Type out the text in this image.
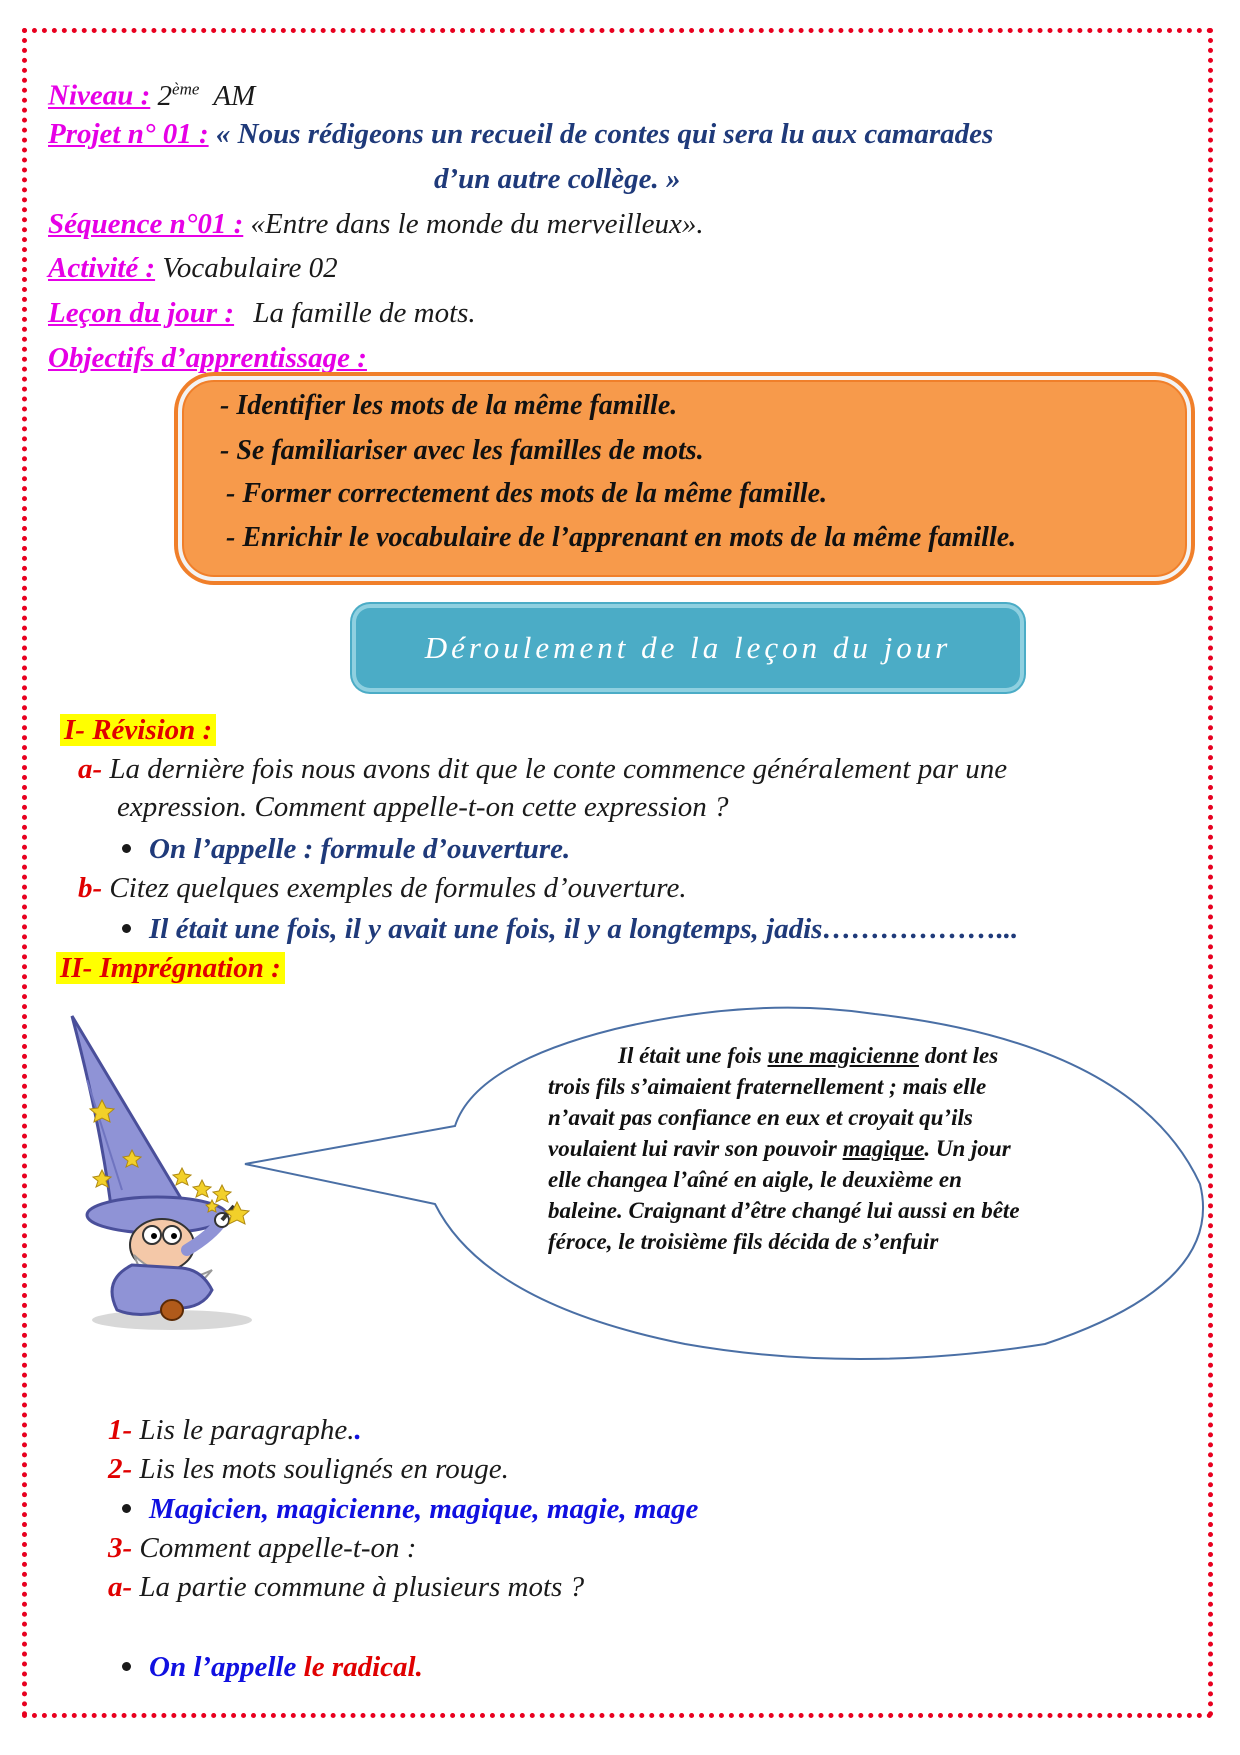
Niveau : 2ème AM
Projet n° 01 : « Nous rédigeons un recueil de contes qui sera lu aux camarades
d’un autre collège. »
Séquence n°01 : «Entre dans le monde du merveilleux».
Activité : Vocabulaire 02
Leçon du jour : La famille de mots.
Objectifs d’apprentissage :
- Identifier les mots de la même famille.
- Se familiariser avec les familles de mots.
- Former correctement des mots de la même famille.
- Enrichir le vocabulaire de l’apprenant en mots de la même famille.
Déroulement de la leçon du jour
I- Révision :
a- La dernière fois nous avons dit que le conte commence généralement par une
expression. Comment appelle-t-on cette expression ?
On l’appelle : formule d’ouverture.
b- Citez quelques exemples de formules d’ouverture.
Il était une fois, il y avait une fois, il y a longtemps, jadis………………...
II- Imprégnation :
Il était une fois une magicienne dont les trois fils s’aimaient fraternellement ; mais elle n’avait pas confiance en eux et croyait qu’ils voulaient lui ravir son pouvoir magique. Un jour elle changea l’aîné en aigle, le deuxième en baleine. Craignant d’être changé lui aussi en bête féroce, le troisième fils décida de s’enfuir
1- Lis le paragraphe..
2- Lis les mots soulignés en rouge.
Magicien, magicienne, magique, magie, mage
3- Comment appelle-t-on :
a- La partie commune à plusieurs mots ?
On l’appelle le radical.
